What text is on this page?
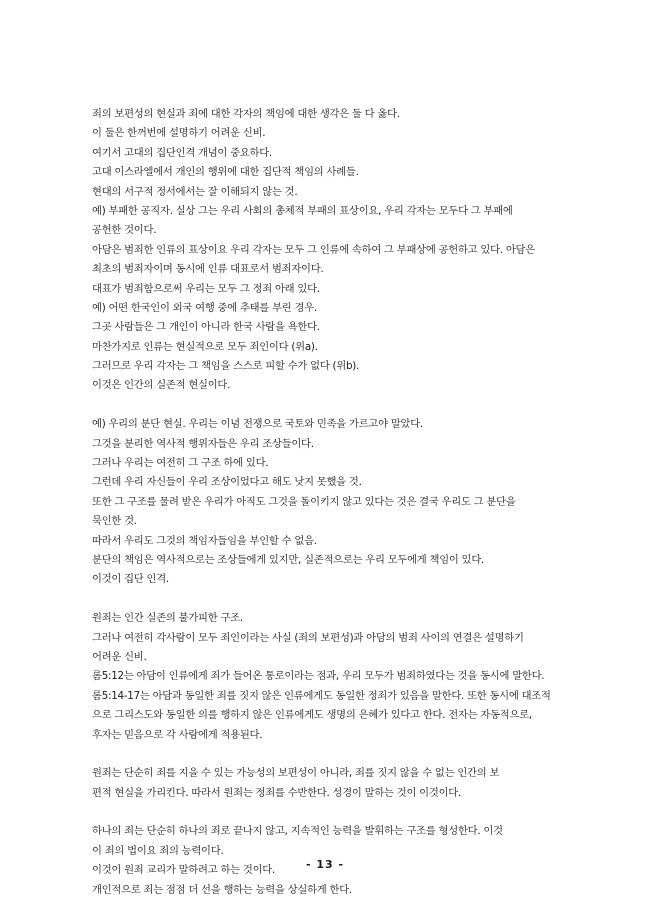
죄의 보편성의 현실과 죄에 대한 각자의 책임에 대한 생각은 둘 다 옳다.
이 둘은 한꺼번에 설명하기 어려운 신비.
여기서 고대의 집단인격 개념이 중요하다.
고대 이스라엘에서 개인의 행위에 대한 집단적 책임의 사례들.
현대의 서구적 정서에서는 잘 이해되지 않는 것.
예) 부패한 공직자. 실상 그는 우리 사회의 총체적 부패의 표상이요, 우리 각자는 모두다 그 부패에
공헌한 것이다.
아담은 범죄한 인류의 표상이요 우리 각자는 모두 그 인류에 속하여 그 부패상에 공헌하고 있다. 아담은
최초의 범죄자이며 동시에 인류 대표로서 범죄자이다.
대표가 범죄함으로써 우리는 모두 그 정죄 아래 있다.
예) 어떤 한국인이 외국 여행 중에 추태를 부린 경우.
그곳 사람들은 그 개인이 아니라 한국 사람을 욕한다.
마찬가지로 인류는 현실적으로 모두 죄인이다 (위a).
그러므로 우리 각자는 그 책임을 스스로 피할 수가 없다 (위b).
이것은 인간의 실존적 현실이다.
예) 우리의 분단 현실. 우리는 이념 전쟁으로 국토와 민족을 가르고야 말았다.
그것을 분리한 역사적 행위자들은 우리 조상들이다.
그러나 우리는 여전히 그 구조 하에 있다.
그런데 우리 자신들이 우리 조상이었다고 해도 낫지 못했을 것.
또한 그 구조를 물려 받은 우리가 아직도 그것을 돌이키지 않고 있다는 것은 결국 우리도 그 분단을
묵인한 것.
따라서 우리도 그것의 책임자들임을 부인할 수 없음.
분단의 책임은 역사적으로는 조상들에게 있지만, 실존적으로는 우리 모두에게 책임이 있다.
이것이 집단 인격.
원죄는 인간 실존의 불가피한 구조.
그러나 여전히 각사람이 모두 죄인이라는 사실 (죄의 보편성)과 아담의 범죄 사이의 연결은 설명하기
어려운 신비.
롬5:12는 아담이 인류에게 죄가 들어온 통로이라는 점과, 우리 모두가 범죄하였다는 것을 동시에 말한다.
롬5:14-17는 아담과 동일한 죄를 짓지 않은 인류에게도 동일한 정죄가 있음을 말한다. 또한 동시에 대조적
으로 그리스도와 동일한 의를 행하지 않은 인류에게도 생명의 은혜가 있다고 한다. 전자는 자동적으로,
후자는 믿음으로 각 사람에게 적용된다.
원죄는 단순히 죄를 지을 수 있는 가능성의 보편성이 아니라, 죄를 짓지 않을 수 없는 인간의 보
편적 현실을 가리킨다. 따라서 원죄는 정죄를 수반한다. 성경이 말하는 것이 이것이다.
하나의 죄는 단순히 하나의 죄로 끝나지 않고, 지속적인 능력을 발휘하는 구조를 형성한다. 이것
이 죄의 법이요 죄의 능력이다.
이것이 원죄 교리가 말하려고 하는 것이다.
개인적으로 죄는 점점 더 선을 행하는 능력을 상실하게 한다.
- 13 -
